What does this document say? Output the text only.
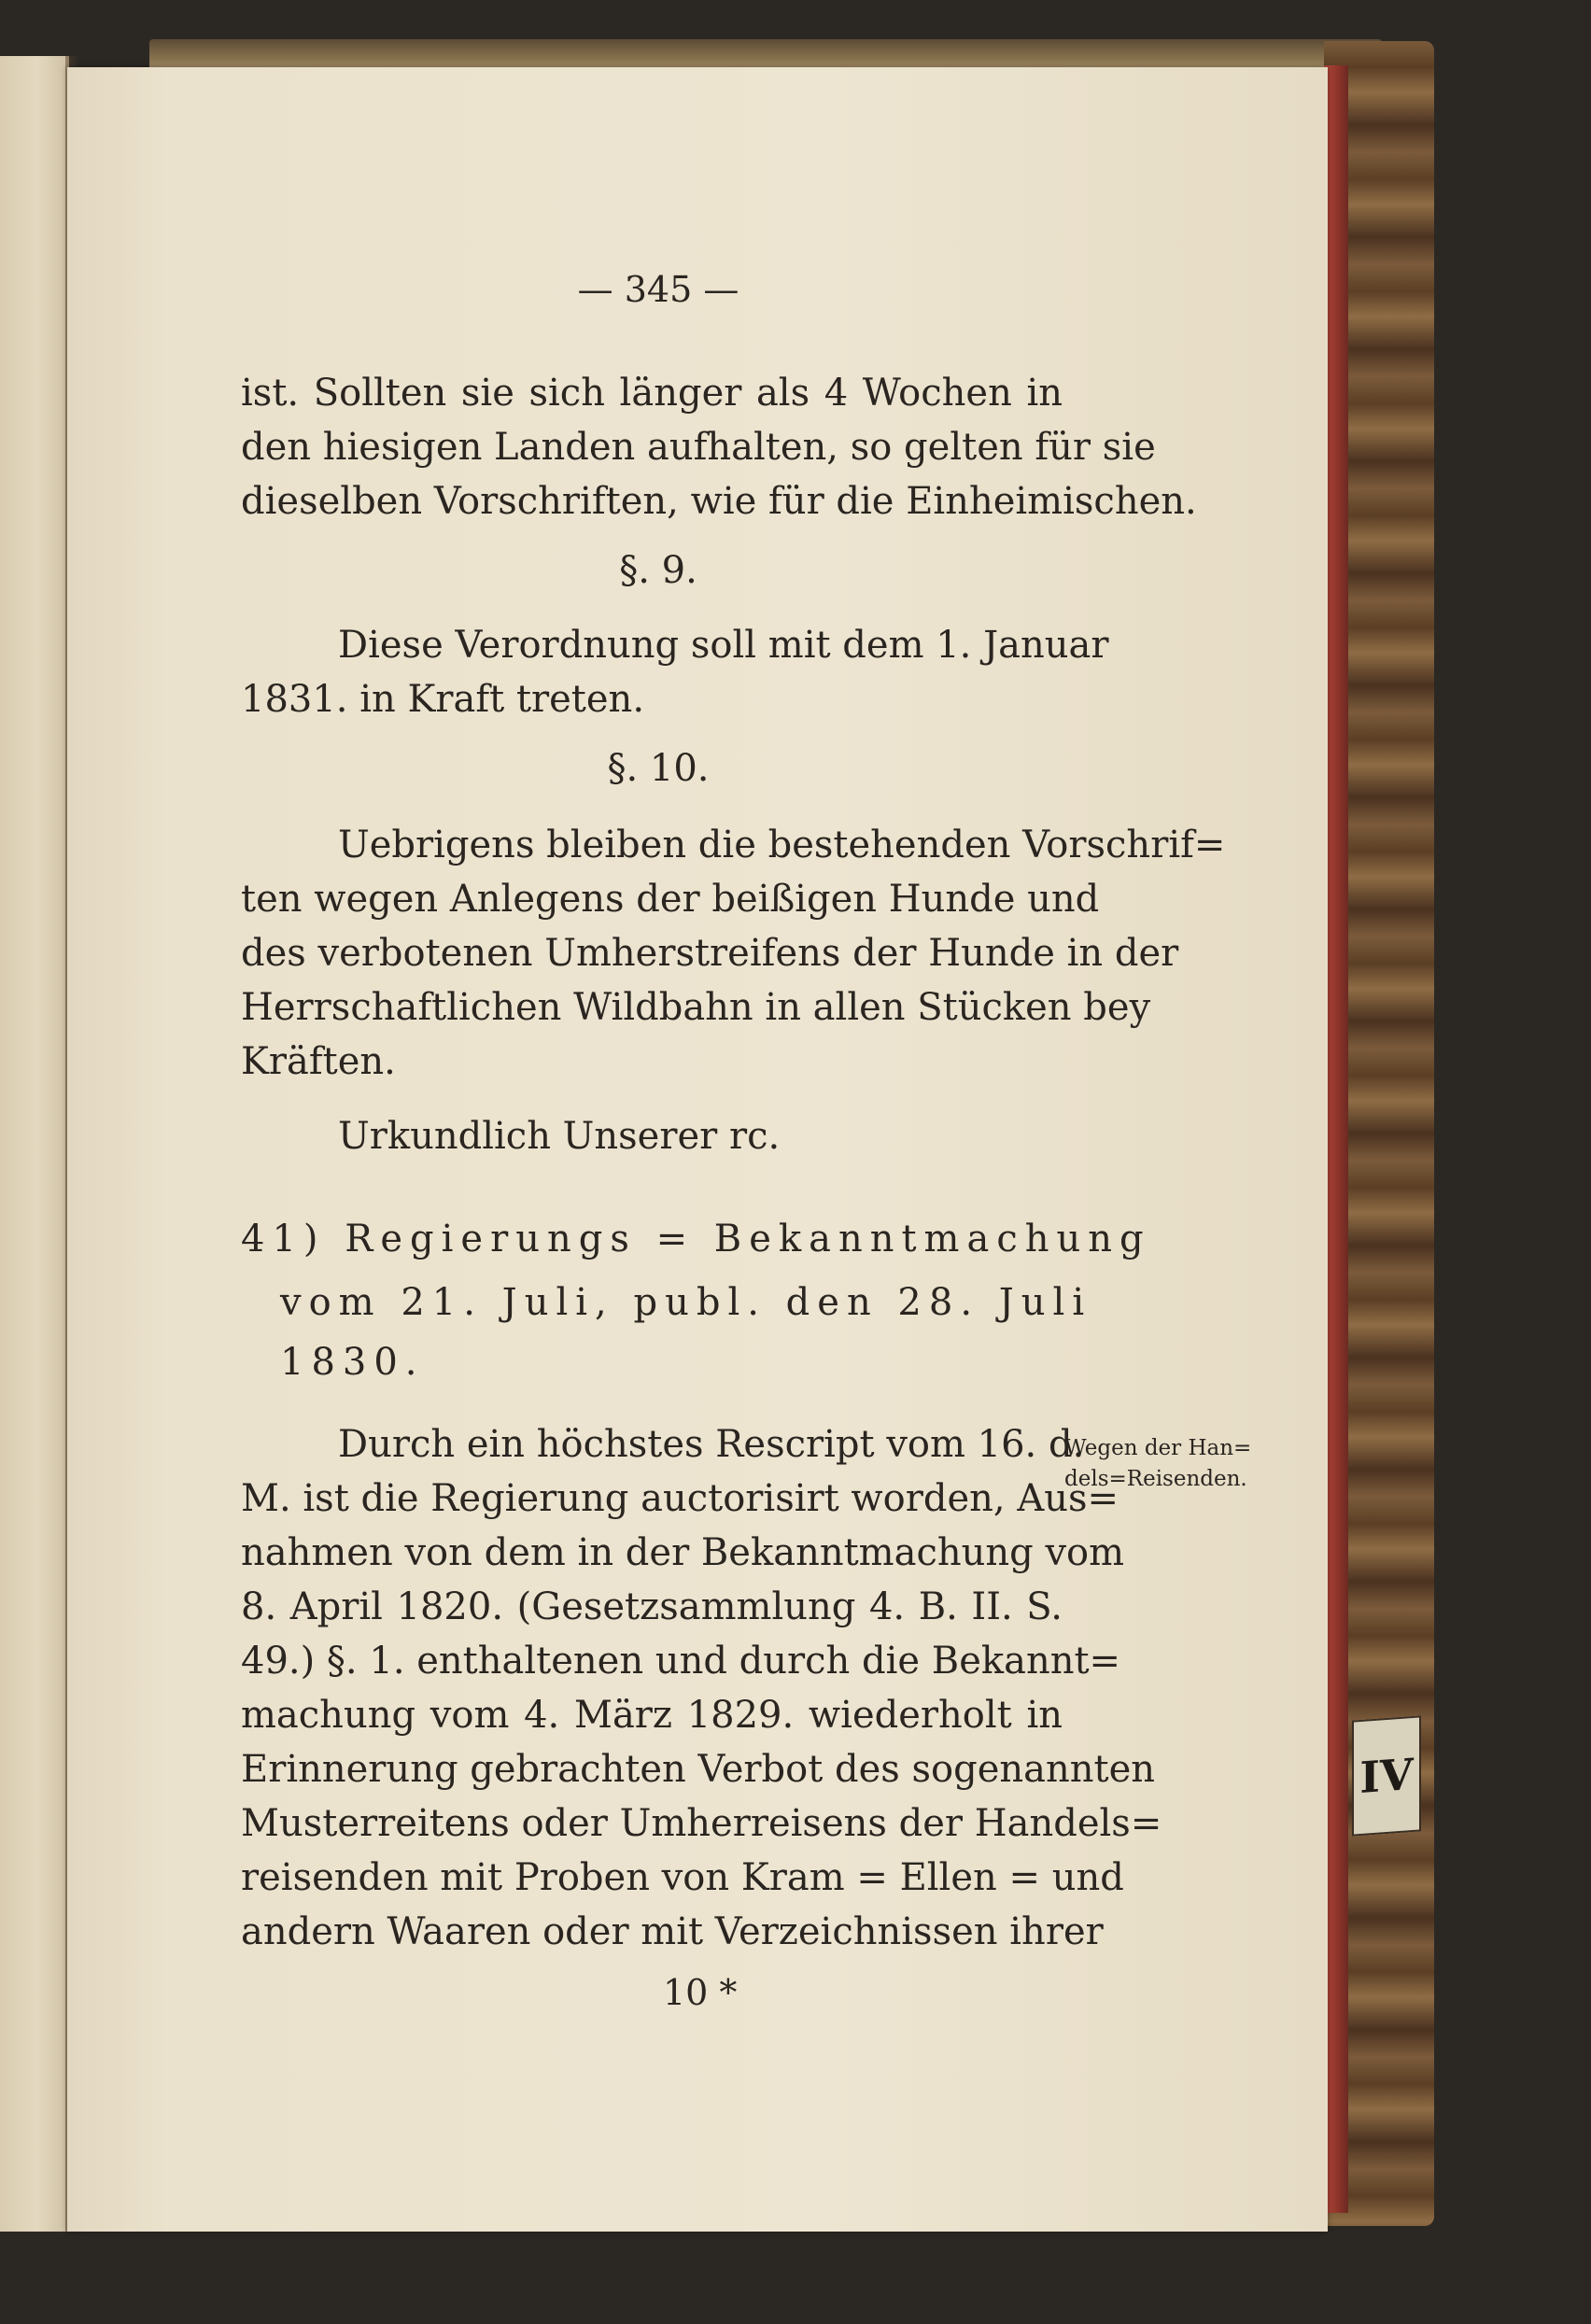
IV
— 345 —
ist. Sollten sie sich länger als 4 Wochen in
den hiesigen Landen aufhalten, so gelten für sie
dieselben Vorschriften, wie für die Einheimischen.
§. 9.
Diese Verordnung soll mit dem 1. Januar
1831. in Kraft treten.
§. 10.
Uebrigens bleiben die bestehenden Vorschrif=
ten wegen Anlegens der beißigen Hunde und
des verbotenen Umherstreifens der Hunde in der
Herrschaftlichen Wildbahn in allen Stücken bey
Kräften.
Urkundlich Unserer rc.
41) Regierungs = Bekanntmachung
vom 21. Juli, publ. den 28. Juli
1830.
Durch ein höchstes Rescript vom 16. d.
M. ist die Regierung auctorisirt worden, Aus=
nahmen von dem in der Bekanntmachung vom
8. April 1820. (Gesetzsammlung 4. B. II. S.
49.) §. 1. enthaltenen und durch die Bekannt=
machung vom 4. März 1829. wiederholt in
Erinnerung gebrachten Verbot des sogenannten
Musterreitens oder Umherreisens der Handels=
reisenden mit Proben von Kram = Ellen = und
andern Waaren oder mit Verzeichnissen ihrer
Wegen der Han=
dels=Reisenden.
10 *
